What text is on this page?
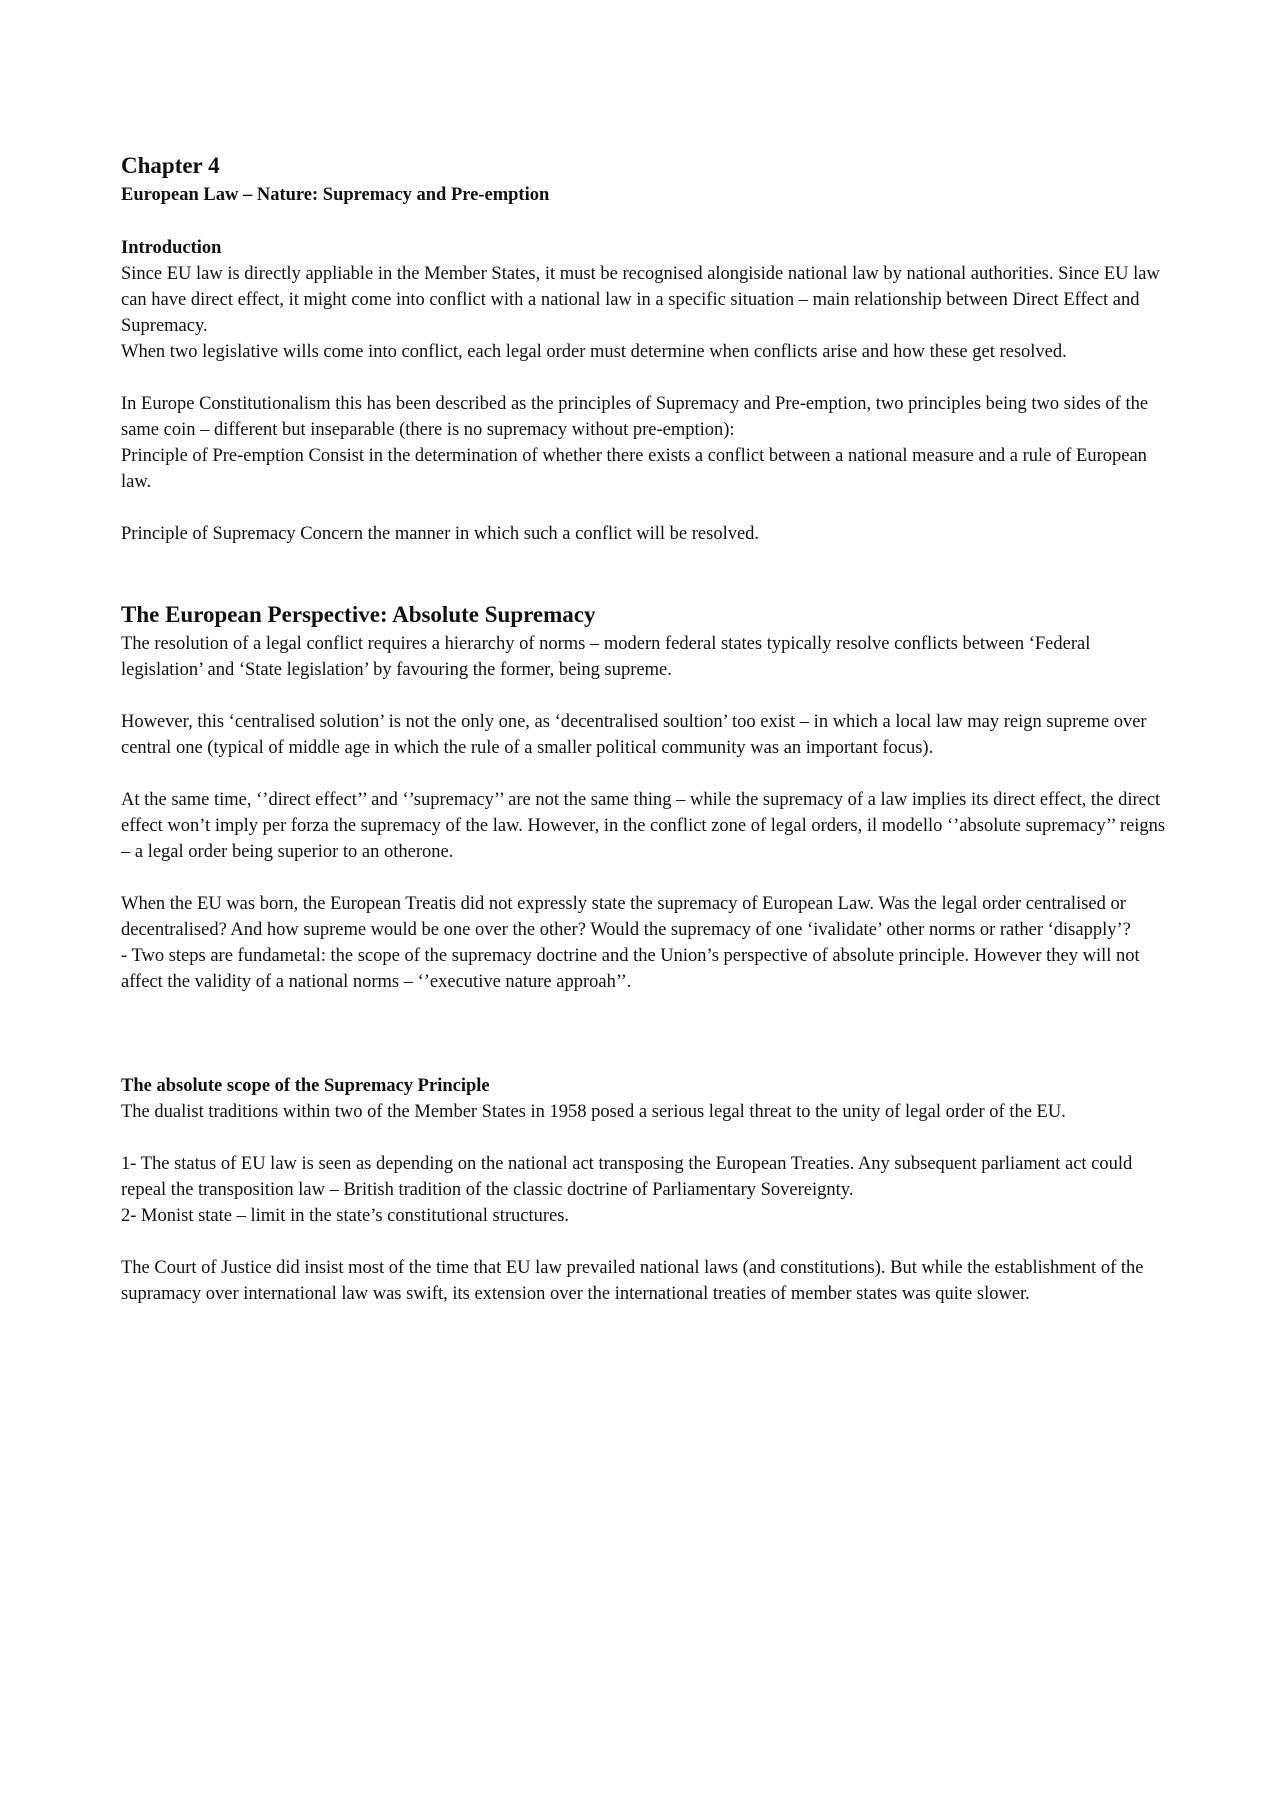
Chapter 4
European Law – Nature: Supremacy and Pre-emption

Introduction

Since EU law is directly appliable in the Member States, it must be recognised alongiside national law by national authorities. Since EU law can have direct effect, it might come into conflict with a national law in a specific situation – main relationship between Direct Effect and Supremacy.

When two legislative wills come into conflict, each legal order must determine when conflicts arise and how these get resolved.

In Europe Constitutionalism this has been described as the principles of Supremacy and Pre-emption, two principles being two sides of the same coin – different but inseparable (there is no supremacy without pre-emption):

Principle of Pre-emption Consist in the determination of whether there exists a conflict between a national measure and a rule of European law.

Principle of Supremacy Concern the manner in which such a conflict will be resolved.

The European Perspective: Absolute Supremacy

The resolution of a legal conflict requires a hierarchy of norms – modern federal states typically resolve conflicts between ‘Federal legislation’ and ‘State legislation’ by favouring the former, being supreme.

However, this ‘centralised solution’ is not the only one, as ‘decentralised soultion’ too exist – in which a local law may reign supreme over central one (typical of middle age in which the rule of a smaller political community was an important focus).

At the same time, ‘’direct effect’’ and ‘’supremacy’’ are not the same thing – while the supremacy of a law implies its direct effect, the direct effect won’t imply per forza the supremacy of the law. However, in the conflict zone of legal orders, il modello ‘’absolute supremacy’’ reigns – a legal order being superior to an otherone.

When the EU was born, the European Treatis did not expressly state the supremacy of European Law. Was the legal order centralised or decentralised? And how supreme would be one over the other? Would the supremacy of one ‘ivalidate’ other norms or rather ‘disapply’?

- Two steps are fundametal: the scope of the supremacy doctrine and the Union’s perspective of absolute principle. However they will not affect the validity of a national norms – ‘’executive nature approah’’.

The absolute scope of the Supremacy Principle

The dualist traditions within two of the Member States in 1958 posed a serious legal threat to the unity of legal order of the EU.

1- The status of EU law is seen as depending on the national act transposing the European Treaties. Any subsequent parliament act could repeal the transposition law – British tradition of the classic doctrine of Parliamentary Sovereignty.

2- Monist state – limit in the state’s constitutional structures.

The Court of Justice did insist most of the time that EU law prevailed national laws (and constitutions). But while the establishment of the supramacy over international law was swift, its extension over the international treaties of member states was quite slower.
